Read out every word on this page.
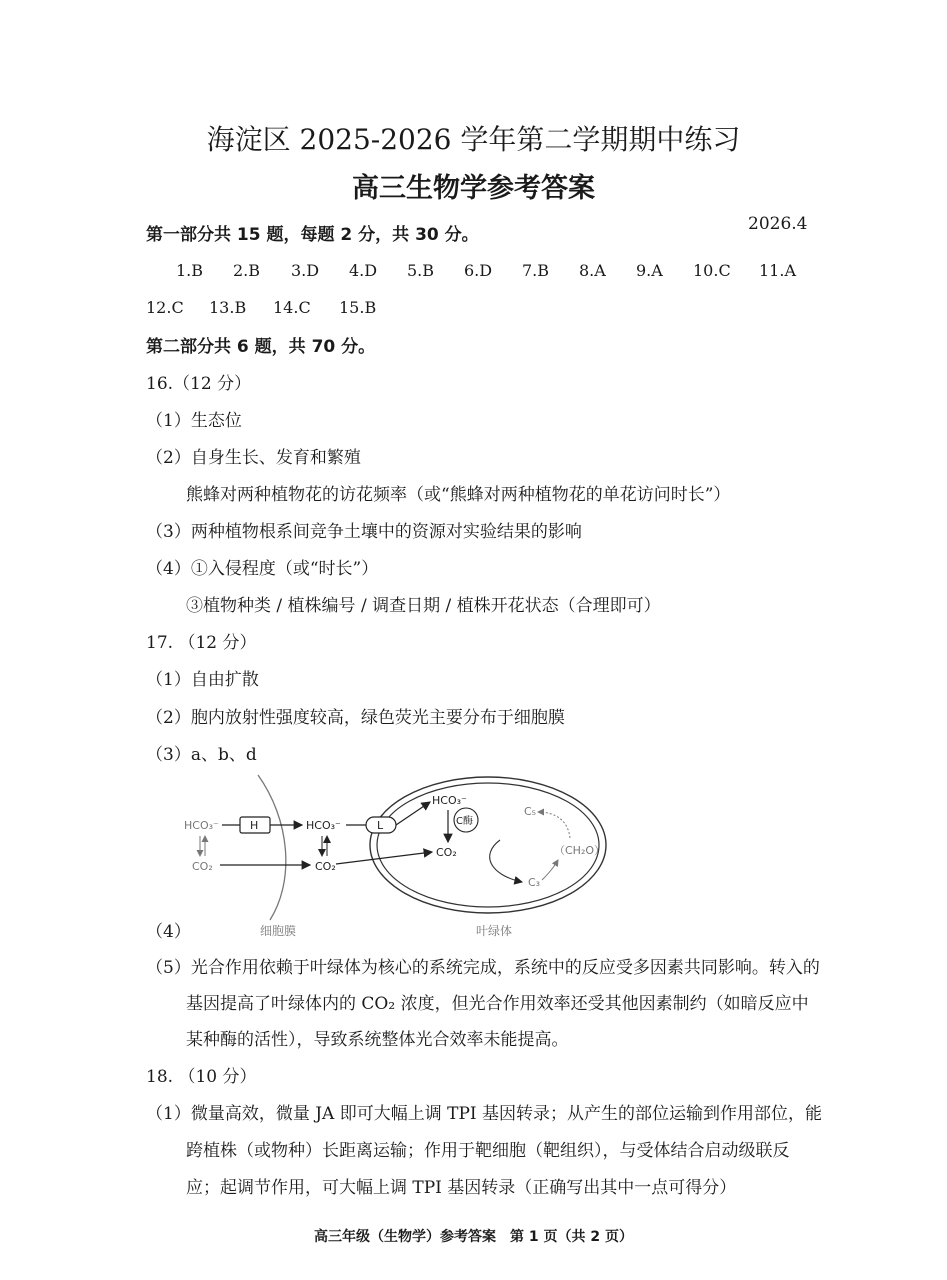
海淀区 2025-2026 学年第二学期期中练习
高三生物学参考答案
2026.4
第一部分共 15 题，每题 2 分，共 30 分。
1.B 2.B 3.D 4.D 5.B 6.D 7.B 8.A 9.A 10.C 11.A
12.C 13.B 14.C 15.B
第二部分共 6 题，共 70 分。
16.（12 分）
（1）生态位
（2）自身生长、发育和繁殖
熊蜂对两种植物花的访花频率（或“熊蜂对两种植物花的单花访问时长”）
（3）两种植物根系间竞争土壤中的资源对实验结果的影响
（4）①入侵程度（或“时长”）
③植物种类 / 植株编号 / 调查日期 / 植株开花状态（合理即可）
17. （12 分）
（1）自由扩散
（2）胞内放射性强度较高，绿色荧光主要分布于细胞膜
（3）a、b、d
HCO₃⁻
CO₂
H	HCO₃⁻
CO₂
L
HCO₃⁻
C酶
CO₂
C₃
（CH₂O）
C₅
细胞膜	叶绿体
（4）
（5）光合作用依赖于叶绿体为核心的系统完成，系统中的反应受多因素共同影响。转入的
基因提高了叶绿体内的 CO₂ 浓度，但光合作用效率还受其他因素制约（如暗反应中
某种酶的活性），导致系统整体光合效率未能提高。
18. （10 分）
（1）微量高效，微量 JA 即可大幅上调 TPI 基因转录；从产生的部位运输到作用部位，能
跨植株（或物种）长距离运输；作用于靶细胞（靶组织），与受体结合启动级联反
应；起调节作用，可大幅上调 TPI 基因转录（正确写出其中一点可得分）
高三年级（生物学）参考答案　第 1 页（共 2 页）
